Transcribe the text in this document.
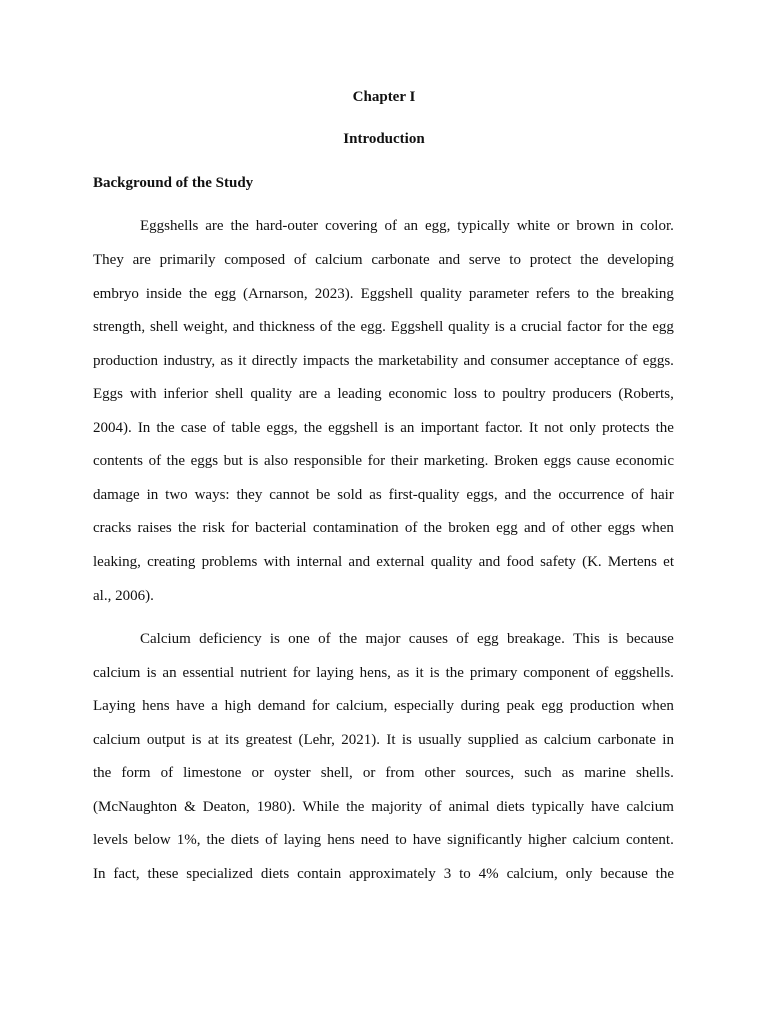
Chapter I
Introduction
Background of the Study
Eggshells are the hard-outer covering of an egg, typically white or brown in color.
They are primarily composed of calcium carbonate and serve to protect the developing
embryo inside the egg (Arnarson, 2023). Eggshell quality parameter refers to the breaking
strength, shell weight, and thickness of the egg. Eggshell quality is a crucial factor for the egg
production industry, as it directly impacts the marketability and consumer acceptance of eggs.
Eggs with inferior shell quality are a leading economic loss to poultry producers (Roberts,
2004). In the case of table eggs, the eggshell is an important factor. It not only protects the
contents of the eggs but is also responsible for their marketing. Broken eggs cause economic
damage in two ways: they cannot be sold as first-quality eggs, and the occurrence of hair
cracks raises the risk for bacterial contamination of the broken egg and of other eggs when
leaking, creating problems with internal and external quality and food safety (K. Mertens et
al., 2006).
Calcium deficiency is one of the major causes of egg breakage. This is because
calcium is an essential nutrient for laying hens, as it is the primary component of eggshells.
Laying hens have a high demand for calcium, especially during peak egg production when
calcium output is at its greatest (Lehr, 2021). It is usually supplied as calcium carbonate in
the form of limestone or oyster shell, or from other sources, such as marine shells.
(McNaughton & Deaton, 1980). While the majority of animal diets typically have calcium
levels below 1%, the diets of laying hens need to have significantly higher calcium content.
In fact, these specialized diets contain approximately 3 to 4% calcium, only because the
